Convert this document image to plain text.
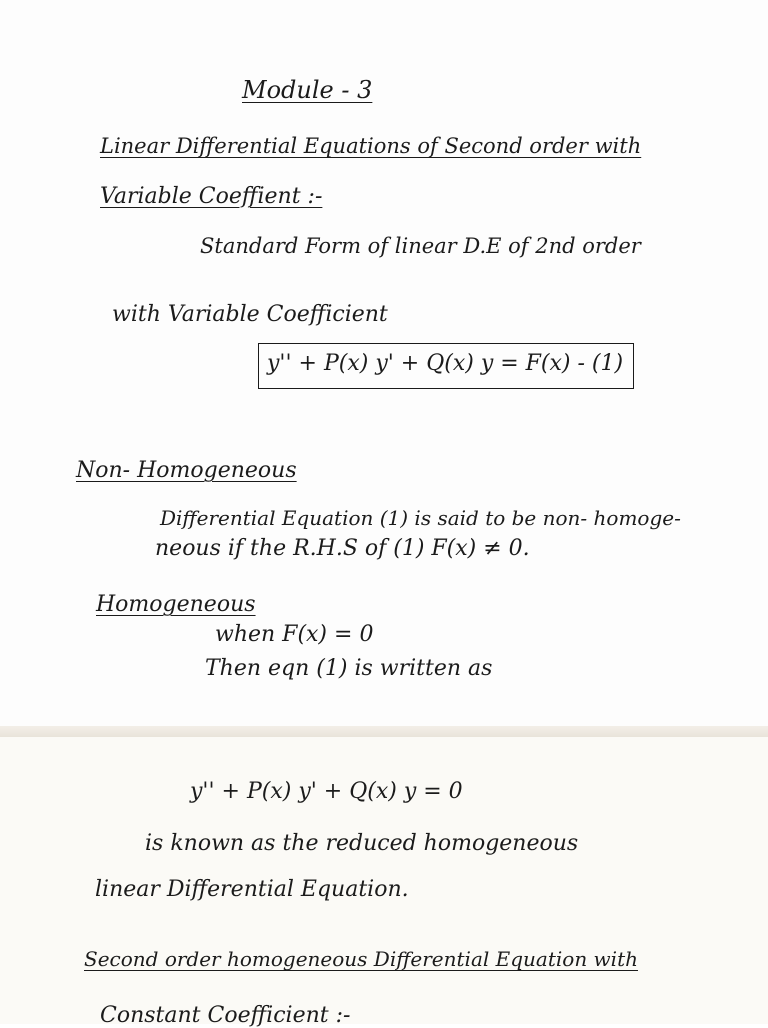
Module - 3
Linear Differential Equations of Second order with
Variable Coeffient :-
Standard Form of linear D.E of 2nd order
with Variable Coefficient
y'' + P(x) y' + Q(x) y = F(x) - (1)
Non- Homogeneous
Differential Equation (1) is said to be non- homoge-
neous if the R.H.S of (1) F(x) ≠ 0.
Homogeneous
when F(x) = 0
Then eqn (1) is written as
y'' + P(x) y' + Q(x) y = 0
is known as the reduced homogeneous
linear Differential Equation.
Second order homogeneous Differential Equation with
Constant Coefficient :-
